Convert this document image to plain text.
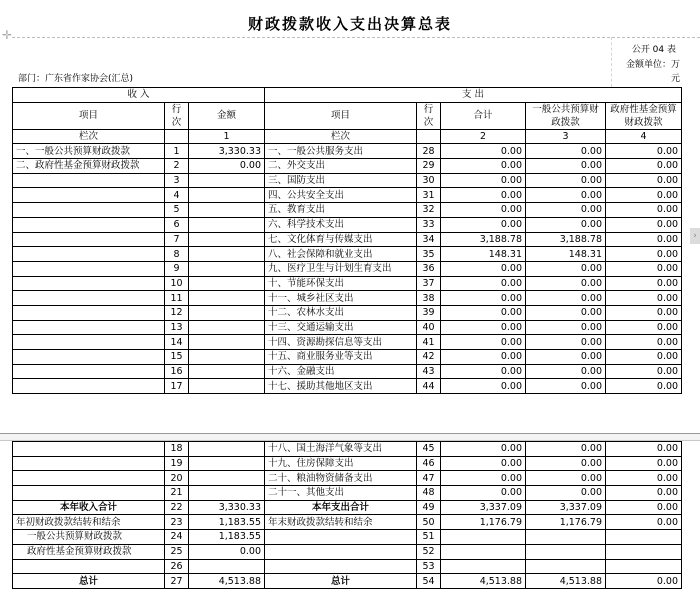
✛
财政拨款收入支出决算总表
公开 04 表
金额单位：万
元
部门：广东省作家协会(汇总)
›
收 入			支 出				
项目	行次	金额	项目	行次	合计	一般公共预算财政拨款	政府性基金预算财政拨款
栏次		1	栏次		2	3	4
一、一般公共预算财政拨款	1	3,330.33	一、一般公共服务支出	28	0.00	0.00	0.00
二、政府性基金预算财政拨款	2	0.00	二、外交支出	29	0.00	0.00	0.00
	3		三、国防支出	30	0.00	0.00	0.00
	4		四、公共安全支出	31	0.00	0.00	0.00
	5		五、教育支出	32	0.00	0.00	0.00
	6		六、科学技术支出	33	0.00	0.00	0.00
	7		七、文化体育与传媒支出	34	3,188.78	3,188.78	0.00
	8		八、社会保障和就业支出	35	148.31	148.31	0.00
	9		九、医疗卫生与计划生育支出	36	0.00	0.00	0.00
	10		十、节能环保支出	37	0.00	0.00	0.00
	11		十一、城乡社区支出	38	0.00	0.00	0.00
	12		十二、农林水支出	39	0.00	0.00	0.00
	13		十三、交通运输支出	40	0.00	0.00	0.00
	14		十四、资源勘探信息等支出	41	0.00	0.00	0.00
	15		十五、商业服务业等支出	42	0.00	0.00	0.00
	16		十六、金融支出	43	0.00	0.00	0.00
	17		十七、援助其他地区支出	44	0.00	0.00	0.00
	18		十八、国土海洋气象等支出	45	0.00	0.00	0.00
	19		十九、住房保障支出	46	0.00	0.00	0.00
	20		二十、粮油物资储备支出	47	0.00	0.00	0.00
	21		二十一、其他支出	48	0.00	0.00	0.00
本年收入合计	22	3,330.33	本年支出合计	49	3,337.09	3,337.09	0.00
年初财政拨款结转和结余	23	1,183.55	年末财政拨款结转和结余	50	1,176.79	1,176.79	0.00
一般公共预算财政拨款	24	1,183.55		51			
政府性基金预算财政拨款	25	0.00		52			
	26			53			
总计	27	4,513.88	总计	54	4,513.88	4,513.88	0.00
